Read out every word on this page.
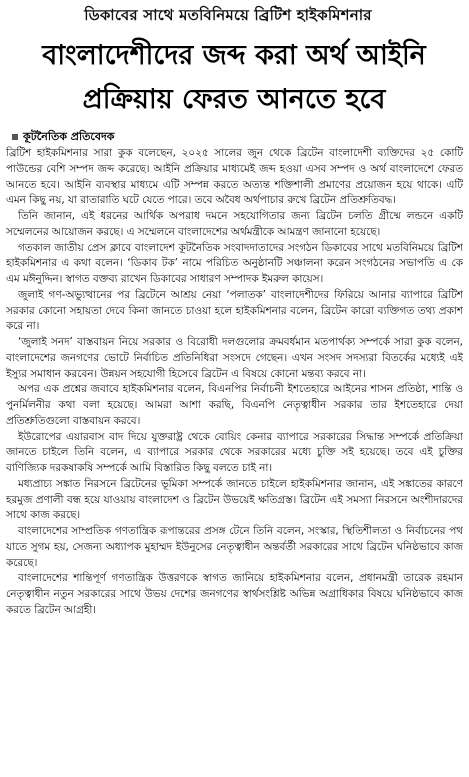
ডিকাবের সাথে মতবিনিময়ে ব্রিটিশ হাইকমিশনার
বাংলাদেশীদের জব্দ করা অর্থ আইনি
প্রক্রিয়ায় ফেরত আনতে হবে
কূটনৈতিক প্রতিবেদক

ব্রিটিশ হাইকমিশনার সারা কুক বলেছেন, ২০২৫ সালের জুন থেকে ব্রিটেন বাংলাদেশী ব্যক্তিদের ২৫ কোটি পাউন্ডের বেশি সম্পদ জব্দ করেছে। আইনি প্রক্রিয়ার মাধ্যমেই জব্দ হওয়া এসব সম্পদ ও অর্থ বাংলাদেশে ফেরত আনতে হবে। আইনি ব্যবস্থার মাধ্যমে এটি সম্পন্ন করতে অত্যন্ত শক্তিশালী প্রমাণের প্রয়োজন হয়ে থাকে। এটি এমন কিছু নয়, যা রাতারাতি ঘটে যেতে পারে। তবে অবৈধ অর্থপাচার রুখে ব্রিটেন প্রতিশ্রুতিবদ্ধ।

তিনি জানান, এই ধরনের আর্থিক অপরাধ দমনে সহযোগিতার জন্য ব্রিটেন চলতি গ্রীষ্মে লন্ডনে একটি সম্মেলনের আয়োজন করছে। এ সম্মেলনে বাংলাদেশের অর্থমন্ত্রীকে আমন্ত্রণ জানানো হয়েছে।

গতকাল জাতীয় প্রেস ক্লাবে বাংলাদেশ কূটনৈতিক সংবাদদাতাদের সংগঠন ডিকাবের সাথে মতবিনিময়ে ব্রিটিশ হাইকমিশনার এ কথা বলেন। ‘ডিকাব টক’ নামে পরিচিত অনুষ্ঠানটি সঞ্চালনা করেন সংগঠনের সভাপতি এ কে এম মঈনুদ্দিন। স্বাগত বক্তব্য রাখেন ডিকাবের সাধারণ সম্পাদক ইমরুল কায়েস।

জুলাই গণ-অভ্যুত্থানের পর ব্রিটেনে আশ্রয় নেয়া ‘পলাতক’ বাংলাদেশীদের ফিরিয়ে আনার ব্যাপারে ব্রিটিশ সরকার কোনো সহায়তা দেবে কিনা জানতে চাওয়া হলে হাইকমিশনার বলেন, ব্রিটেন কারো ব্যক্তিগত তথ্য প্রকাশ করে না।

‘জুলাই সনদ’ বাস্তবায়ন নিয়ে সরকার ও বিরোধী দলগুলোর ক্রমবর্ধমান মতপার্থক্য সম্পর্কে সারা কুক বলেন, বাংলাদেশের জনগণের ভোটে নির্বাচিত প্রতিনিধিরা সংসদে গেছেন। এখন সংসদ সদস্যরা বিতর্কের মধ্যেই এই ইস্যুর সমাধান করবেন। উন্নয়ন সহযোগী হিসেবে ব্রিটেন এ বিষয়ে কোনো মন্তব্য করবে না।

অপর এক প্রশ্নের জবাবে হাইকমিশনার বলেন, বিএনপির নির্বাচনী ইশতেহারে আইনের শাসন প্রতিষ্ঠা, শান্তি ও পুনর্মিলনীর কথা বলা হয়েছে। আমরা আশা করছি, বিএনপি নেতৃত্বাধীন সরকার তার ইশতেহারে দেয়া প্রতিশ্রুতিগুলো বাস্তবায়ন করবে।

ইউরোপের এয়ারবাস বাদ দিয়ে যুক্তরাষ্ট্র থেকে বোয়িং কেনার ব্যাপারে সরকারের সিদ্ধান্ত সম্পর্কে প্রতিক্রিয়া জানতে চাইলে তিনি বলেন, এ ব্যাপারে সরকার থেকে সরকারের মধ্যে চুক্তি সই হয়েছে। তবে এই চুক্তির বাণিজ্যিক দরকষাকষি সম্পর্কে আমি বিস্তারিত কিছু বলতে চাই না।

মধ্যপ্রাচ্য সঙ্কাত নিরসনে ব্রিটেনের ভূমিকা সম্পর্কে জানতে চাইলে হাইকমিশনার জানান, এই সঙ্কাতের কারণে হরমুজ প্রণালী বন্ধ হয়ে যাওয়ায় বাংলাদেশ ও ব্রিটেন উভয়েই ক্ষতিগ্রস্ত। ব্রিটেন এই সমস্যা নিরসনে অংশীদারদের সাথে কাজ করছে।

বাংলাদেশের সাম্প্রতিক গণতান্ত্রিক রূপান্তরের প্রসঙ্গ টেনে তিনি বলেন, সংস্কার, স্থিতিশীলতা ও নির্বাচনের পথ যাতে সুগম হয়, সেজন্য অধ্যাপক মুহাম্মদ ইউনুসের নেতৃত্বাধীন অন্তর্বর্তী সরকারের সাথে ব্রিটেন ঘনিষ্ঠভাবে কাজ করেছে।

বাংলাদেশের শান্তিপূর্ণ গণতান্ত্রিক উত্তরণকে স্বাগত জানিয়ে হাইকমিশনার বলেন, প্রধানমন্ত্রী তারেক রহমান নেতৃত্বাধীন নতুন সরকারের সাথে উভয় দেশের জনগণের স্বার্থসংশ্লিষ্ট অভিন্ন অগ্রাধিকার বিষয়ে ঘনিষ্ঠভাবে কাজ করতে ব্রিটেন আগ্রহী।
